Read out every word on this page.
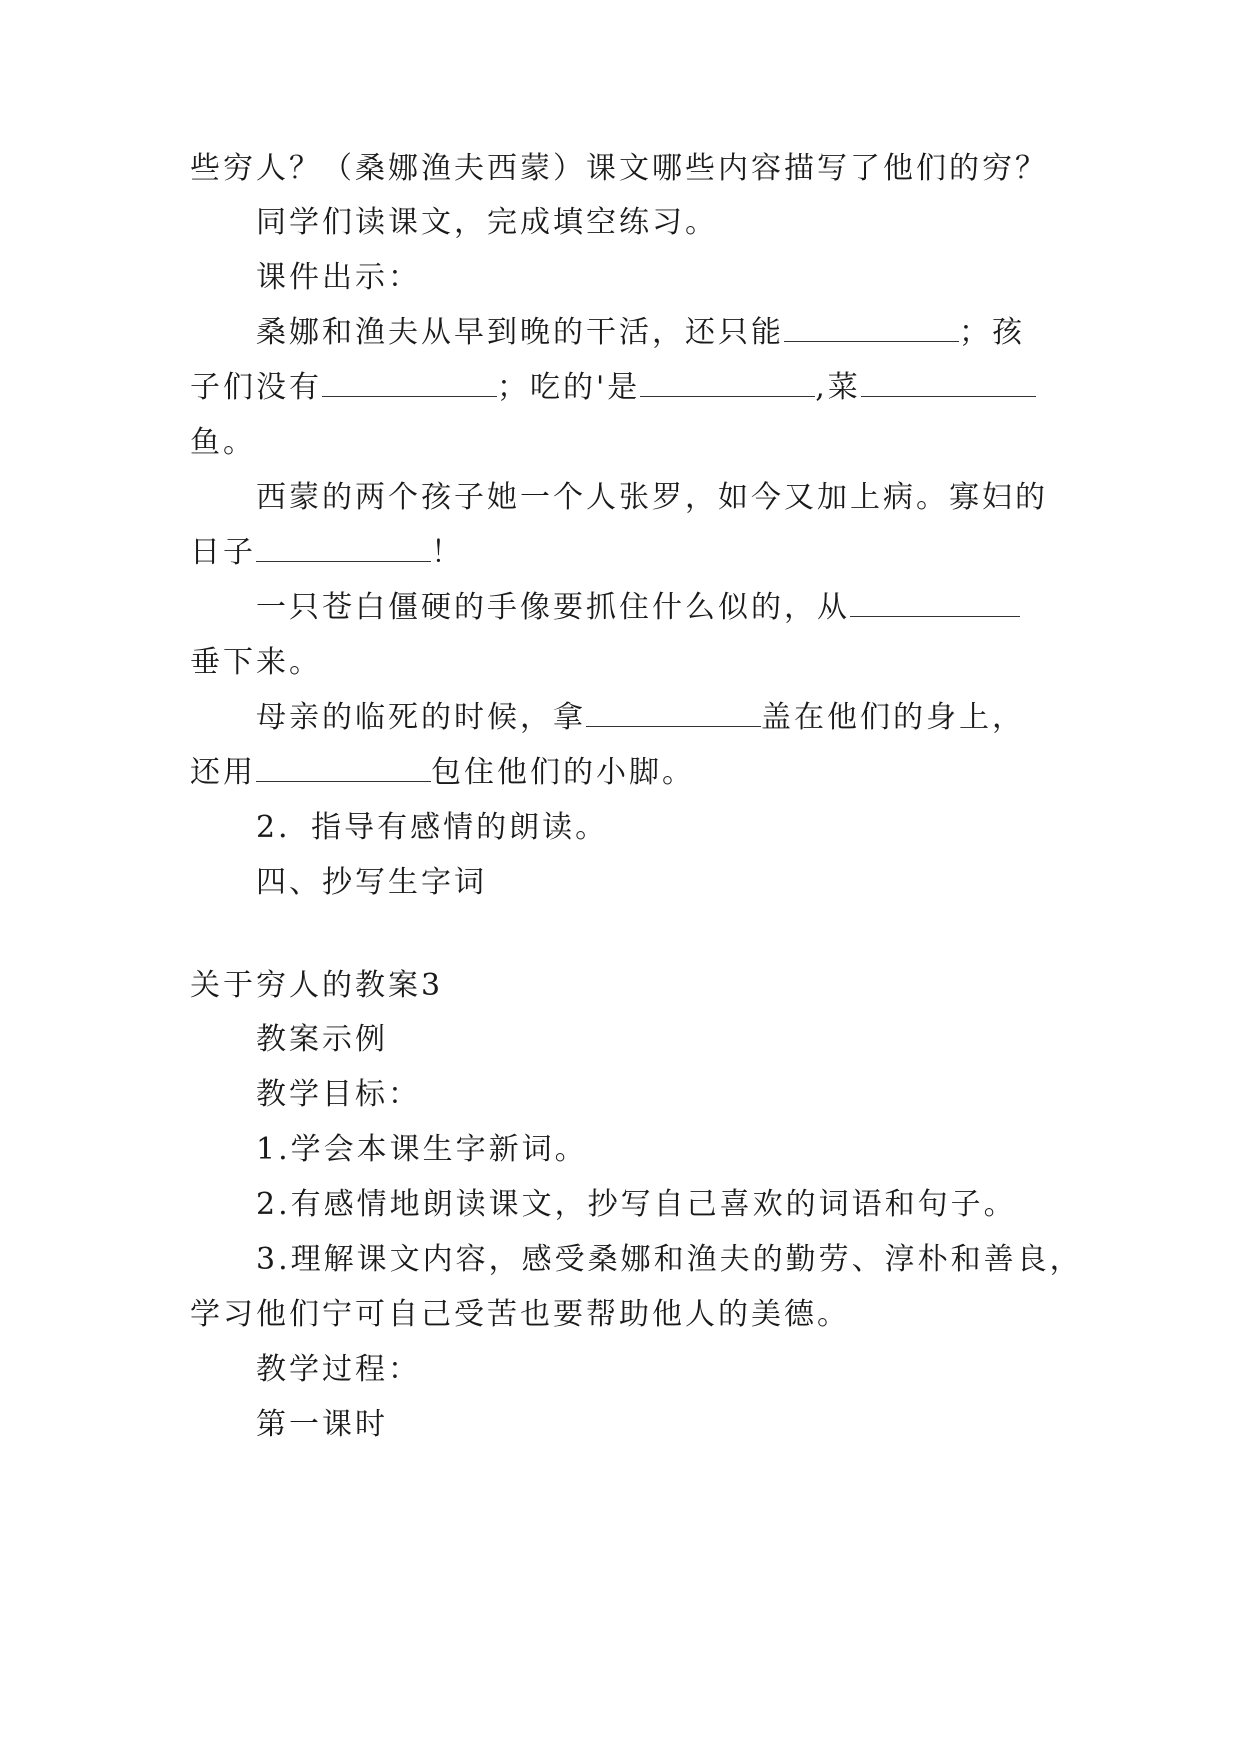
些穷人？（桑娜渔夫西蒙）课文哪些内容描写了他们的穷？
同学们读课文，完成填空练习。
课件出示：
桑娜和渔夫从早到晚的干活，还只能	；孩
子们没有	；吃的'是	,菜
鱼。
西蒙的两个孩子她一个人张罗，如今又加上病。寡妇的
日子	！
一只苍白僵硬的手像要抓住什么似的，从
垂下来。
母亲的临死的时候，拿	盖在他们的身上，
还用	包住他们的小脚。
2．指导有感情的朗读。
四、抄写生字词
关于穷人的教案3
教案示例
教学目标：
1.学会本课生字新词。
2.有感情地朗读课文，抄写自己喜欢的词语和句子。
3.理解课文内容，感受桑娜和渔夫的勤劳、淳朴和善良，
学习他们宁可自己受苦也要帮助他人的美德。
教学过程：
第一课时
